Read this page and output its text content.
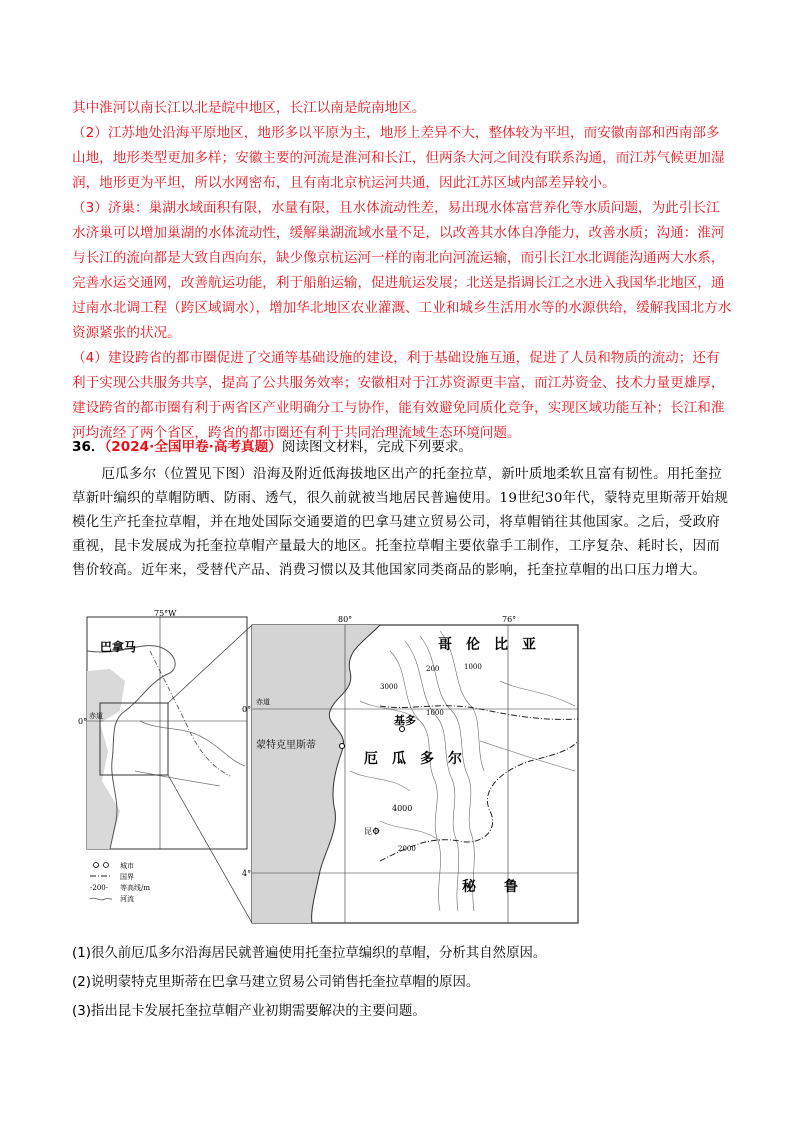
其中淮河以南长江以北是皖中地区，长江以南是皖南地区。
（2）江苏地处沿海平原地区，地形多以平原为主，地形上差异不大，整体较为平坦，而安徽南部和西南部多山地，地形类型更加多样；安徽主要的河流是淮河和长江，但两条大河之间没有联系沟通，而江苏气候更加湿润，地形更为平坦，所以水网密布，且有南北京杭运河共通，因此江苏区域内部差异较小。
（3）济巢：巢湖水域面积有限，水量有限，且水体流动性差，易出现水体富营养化等水质问题，为此引长江水济巢可以增加巢湖的水体流动性，缓解巢湖流域水量不足，以改善其水体自净能力，改善水质；沟通：淮河与长江的流向都是大致自西向东，缺少像京杭运河一样的南北向河流运输，而引长江水北调能沟通两大水系，完善水运交通网，改善航运功能，利于船舶运输，促进航运发展；北送是指调长江之水进入我国华北地区，通过南水北调工程（跨区域调水），增加华北地区农业灌溉、工业和城乡生活用水等的水源供给，缓解我国北方水资源紧张的状况。
（4）建设跨省的都市圈促进了交通等基础设施的建设，利于基础设施互通，促进了人员和物质的流动；还有利于实现公共服务共享，提高了公共服务效率；安徽相对于江苏资源更丰富，而江苏资金、技术力量更雄厚，建设跨省的都市圈有利于两省区产业明确分工与协作，能有效避免同质化竞争，实现区域功能互补；长江和淮河均流经了两个省区，跨省的都市圈还有利于共同治理流域生态环境问题。
36．（2024·全国甲卷·高考真题）阅读图文材料，完成下列要求。
厄瓜多尔（位置见下图）沿海及附近低海拔地区出产的托奎拉草，新叶质地柔软且富有韧性。用托奎拉草新叶编织的草帽防晒、防雨、透气，很久前就被当地居民普遍使用。19世纪30年代，蒙特克里斯蒂开始规模化生产托奎拉草帽，并在地处国际交通要道的巴拿马建立贸易公司，将草帽销往其他国家。之后，受政府重视，昆卡发展成为托奎拉草帽产量最大的地区。托奎拉草帽主要依靠手工制作，工序复杂、耗时长，因而售价较高。近年来，受替代产品、消费习惯以及其他国家同类商品的影响，托奎拉草帽的出口压力增大。
75°W
0°
赤道
巴拿马
80°	76°
0°
4°
赤道
哥　伦　比　亚
厄　瓜　多　尔
秘　　鲁
基多
蒙特克里斯蒂
昆卡
200	1000
1000
3000
4000
2000
城市
国界
-200- 等高线/m
河流
(1)很久前厄瓜多尔沿海居民就普遍使用托奎拉草编织的草帽，分析其自然原因。
(2)说明蒙特克里斯蒂在巴拿马建立贸易公司销售托奎拉草帽的原因。
(3)指出昆卡发展托奎拉草帽产业初期需要解决的主要问题。
